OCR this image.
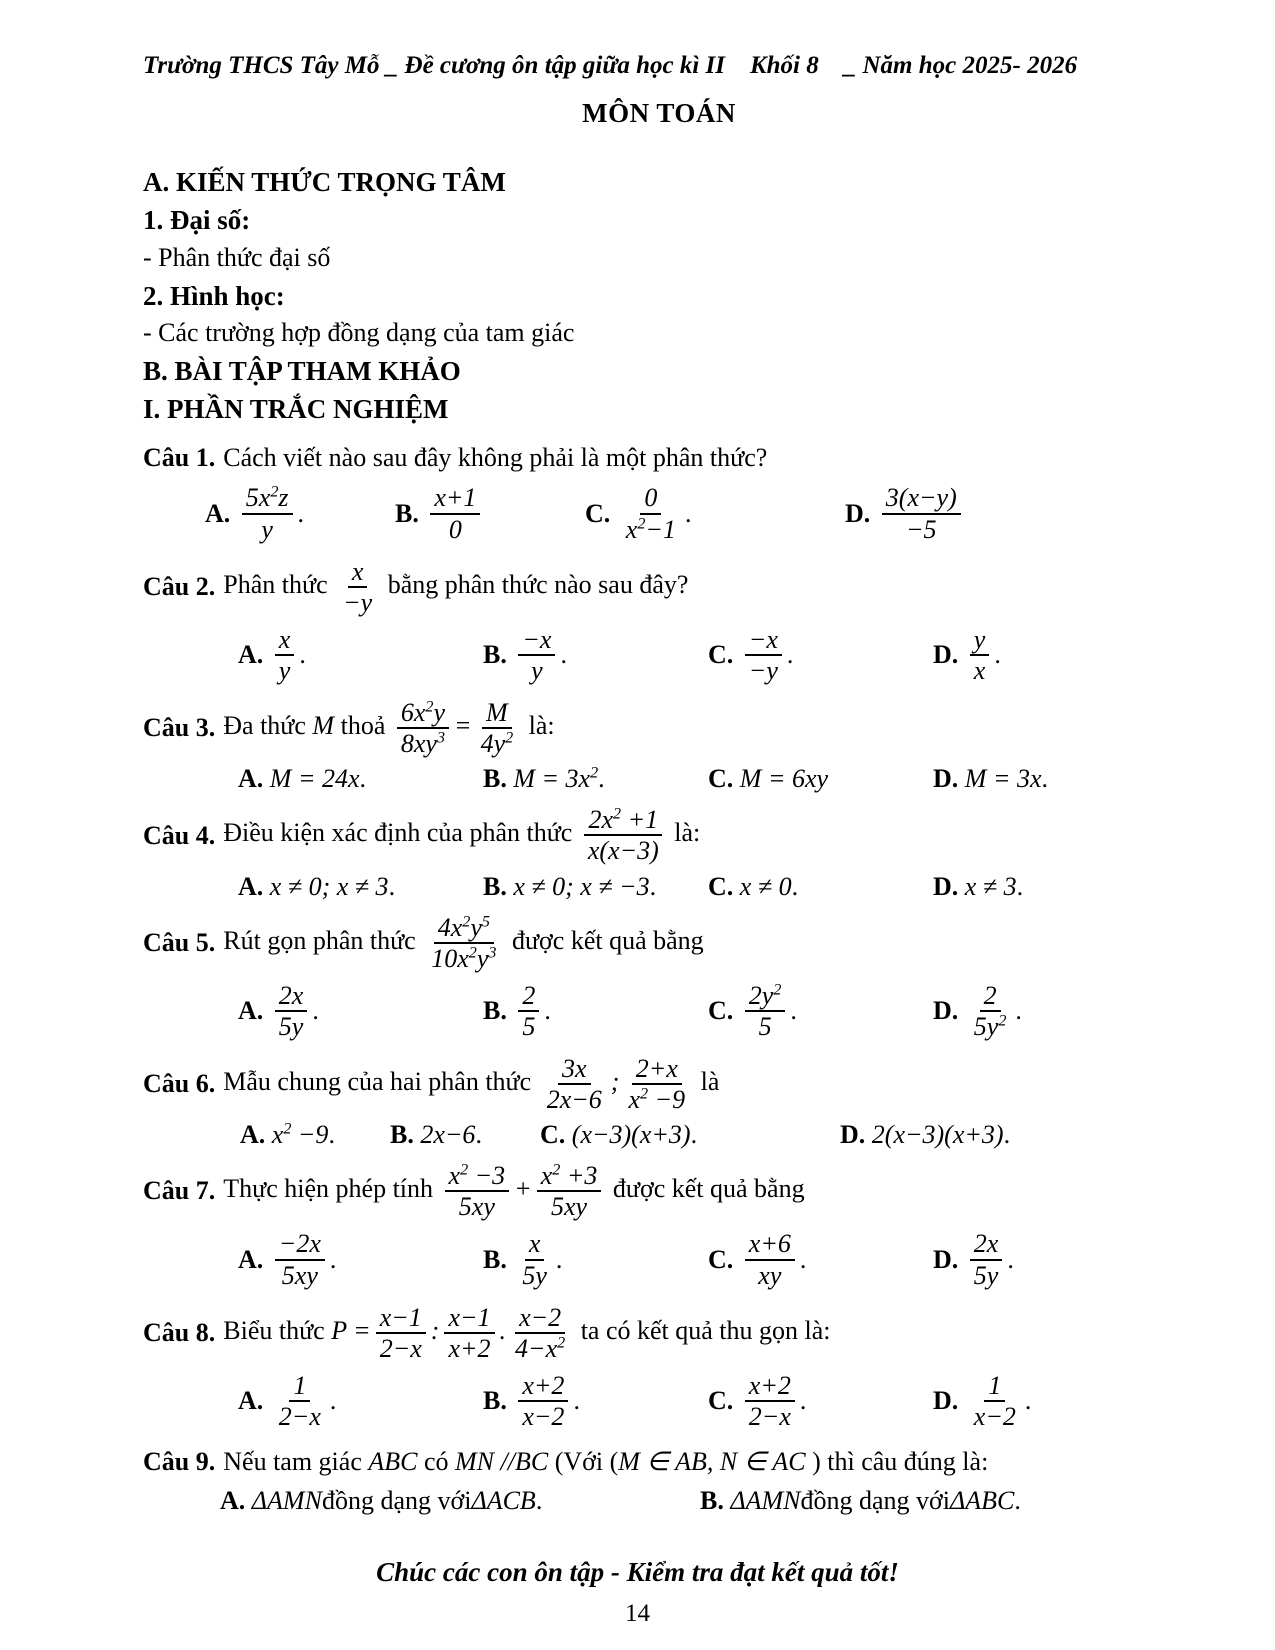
Trường THCS Tây Mỗ _ Đề cương ôn tập giữa học kì II    Khối 8    _ Năm học 2025- 2026
MÔN TOÁN
A. KIẾN THỨC TRỌNG TÂM
1. Đại số:
- Phân thức đại số
2. Hình học:
- Các trường hợp đồng dạng của tam giác
B. BÀI TẬP THAM KHẢO
I. PHẦN TRẮC NGHIỆM
Câu 1. Cách viết nào sau đây không phải là một phân thức?
A. $\frac{5x^2z}{y}$ .	B. $\frac{x+1}{0}$	C. $\frac{0}{x^2-1}$ .	D. $\frac{3(x-y)}{-5}$
Câu 2. Phân thức $\frac{x}{-y}$ bằng phân thức nào sau đây?
A. $\frac{x}{y}$ .	B. $\frac{-x}{y}$ .	C. $\frac{-x}{-y}$ .	D. $\frac{y}{x}$ .
Câu 3. Đa thức M thoả $\frac{6x^2y}{8xy^3} = \frac{M}{4y^2}$ là:
A. M = 24x .	B. $M = 3x^2$ .	C. M = 6xy	D. M = 3x .
Câu 4. Điều kiện xác định của phân thức $\frac{2x^2 +1}{x(x-3)}$ là:
A. x ≠ 0; x ≠ 3 .	B. x ≠ 0; x ≠ −3 . C. x ≠ 0 .	D. x ≠ 3 .
Câu 5. Rút gọn phân thức $\frac{4x^2y^5}{10x^2y^3}$ được kết quả bằng
A. $\frac{2x}{5y}$ .	B. $\frac{2}{5}$ .	C. $\frac{2y^2}{5}$ .	D. $\frac{2}{5y^2}$ .
Câu 6. Mẫu chung của hai phân thức $\frac{3x}{2x-6}$ ; $\frac{2+x}{x^2 -9}$ là
A. $x^2 -9$ . B. 2x−6 . C. (x−3)(x+3) .	D. 2(x−3)(x+3) .
Câu 7. Thực hiện phép tính $\frac{x^2 -3}{5xy} + \frac{x^2 +3}{5xy}$ được kết quả bằng
A. $\frac{-2x}{5xy}$ .	B. $\frac{x}{5y}$ .	C. $\frac{x+6}{xy}$ .	D. $\frac{2x}{5y}$ .
Câu 8. Biểu thức $P = \frac{x-1}{2-x}$ : $\frac{x-1}{x+2}$ . $\frac{x-2}{4-x^2}$ ta có kết quả thu gọn là:
A. $\frac{1}{2-x}$ .	B. $\frac{x+2}{x-2}$ .	C. $\frac{x+2}{2-x}$ .	D. $\frac{1}{x-2}$ .
Câu 9. Nếu tam giác ABC có MN //BC (Với (M ∈ AB, N ∈ AC ) thì câu đúng là:
A. ΔAMN đồng dạng với ΔACB .	B. ΔAMN đồng dạng với ΔABC .
Chúc các con ôn tập - Kiểm tra đạt kết quả tốt!
14
